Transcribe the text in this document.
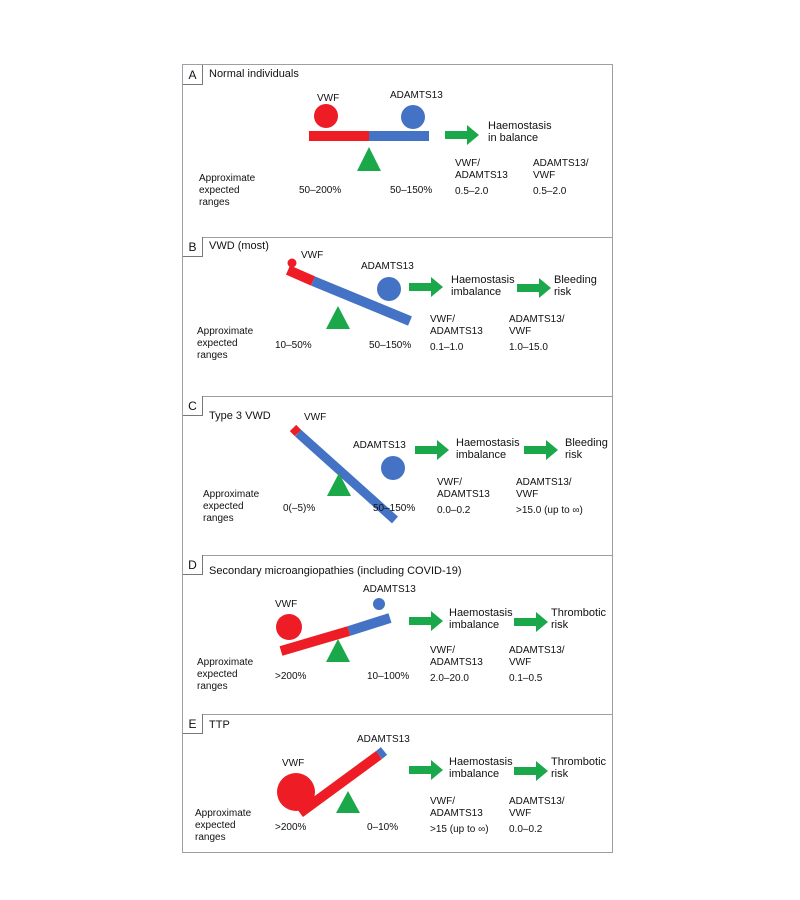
A	Normal individuals
VWF	ADAMTS13
Haemostasis
in balance
Approximate
expected
ranges
50–200%	50–150%
VWF/
ADAMTS13
0.5–2.0
ADAMTS13/
VWF
0.5–2.0
B	VWD (most)
VWF
ADAMTS13
Haemostasis
imbalance
Bleeding
risk
Approximate
expected
ranges
10–50%	50–150%
VWF/
ADAMTS13
0.1–1.0
ADAMTS13/
VWF
1.0–15.0
C
Type 3 VWD	VWF
ADAMTS13	Haemostasis
imbalance
Bleeding
risk
Approximate
expected
ranges
0(–5)%	50–150%
VWF/
ADAMTS13
0.0–0.2
ADAMTS13/
VWF
>15.0 (up to ∞)
D	Secondary microangiopathies (including COVID-19)
VWF
ADAMTS13
Haemostasis
imbalance
Thrombotic
risk
Approximate
expected
ranges
>200%	10–100%
VWF/
ADAMTS13
2.0–20.0
ADAMTS13/
VWF
0.1–0.5
E	TTP
VWF
ADAMTS13
Haemostasis
imbalance
Thrombotic
risk
Approximate
expected
ranges
>200%	0–10%
VWF/
ADAMTS13
>15 (up to ∞)
ADAMTS13/
VWF
0.0–0.2
